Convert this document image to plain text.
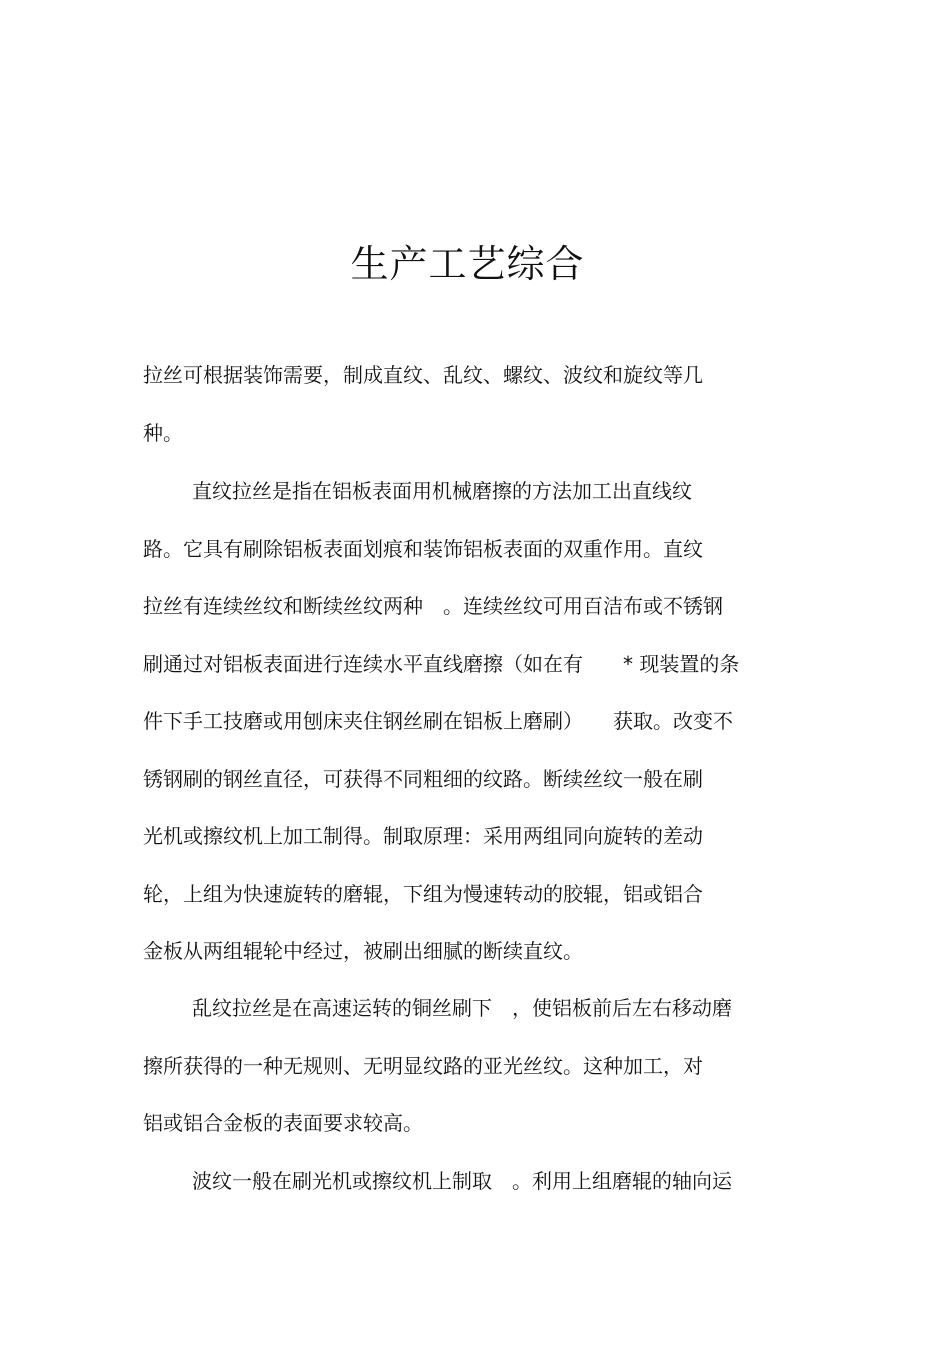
生产工艺综合
拉丝可根据装饰需要，制成直纹、乱纹、螺纹、波纹和旋纹等几
种。
直纹拉丝是指在铝板表面用机械磨擦的方法加工出直线纹
路。它具有刷除铝板表面划痕和装饰铝板表面的双重作用。直纹
拉丝有连续丝纹和断续丝纹两种　。连续丝纹可用百洁布或不锈钢
刷通过对铝板表面进行连续水平直线磨擦（如在有　　* 现装置的条
件下手工技磨或用刨床夹住钢丝刷在铝板上磨刷）　　获取。改变不
锈钢刷的钢丝直径，可获得不同粗细的纹路。断续丝纹一般在刷
光机或擦纹机上加工制得。制取原理：采用两组同向旋转的差动
轮，上组为快速旋转的磨辊，下组为慢速转动的胶辊，铝或铝合
金板从两组辊轮中经过，被刷出细腻的断续直纹。
乱纹拉丝是在高速运转的铜丝刷下　，使铝板前后左右移动磨
擦所获得的一种无规则、无明显纹路的亚光丝纹。这种加工，对
铝或铝合金板的表面要求较高。
波纹一般在刷光机或擦纹机上制取　。利用上组磨辊的轴向运
